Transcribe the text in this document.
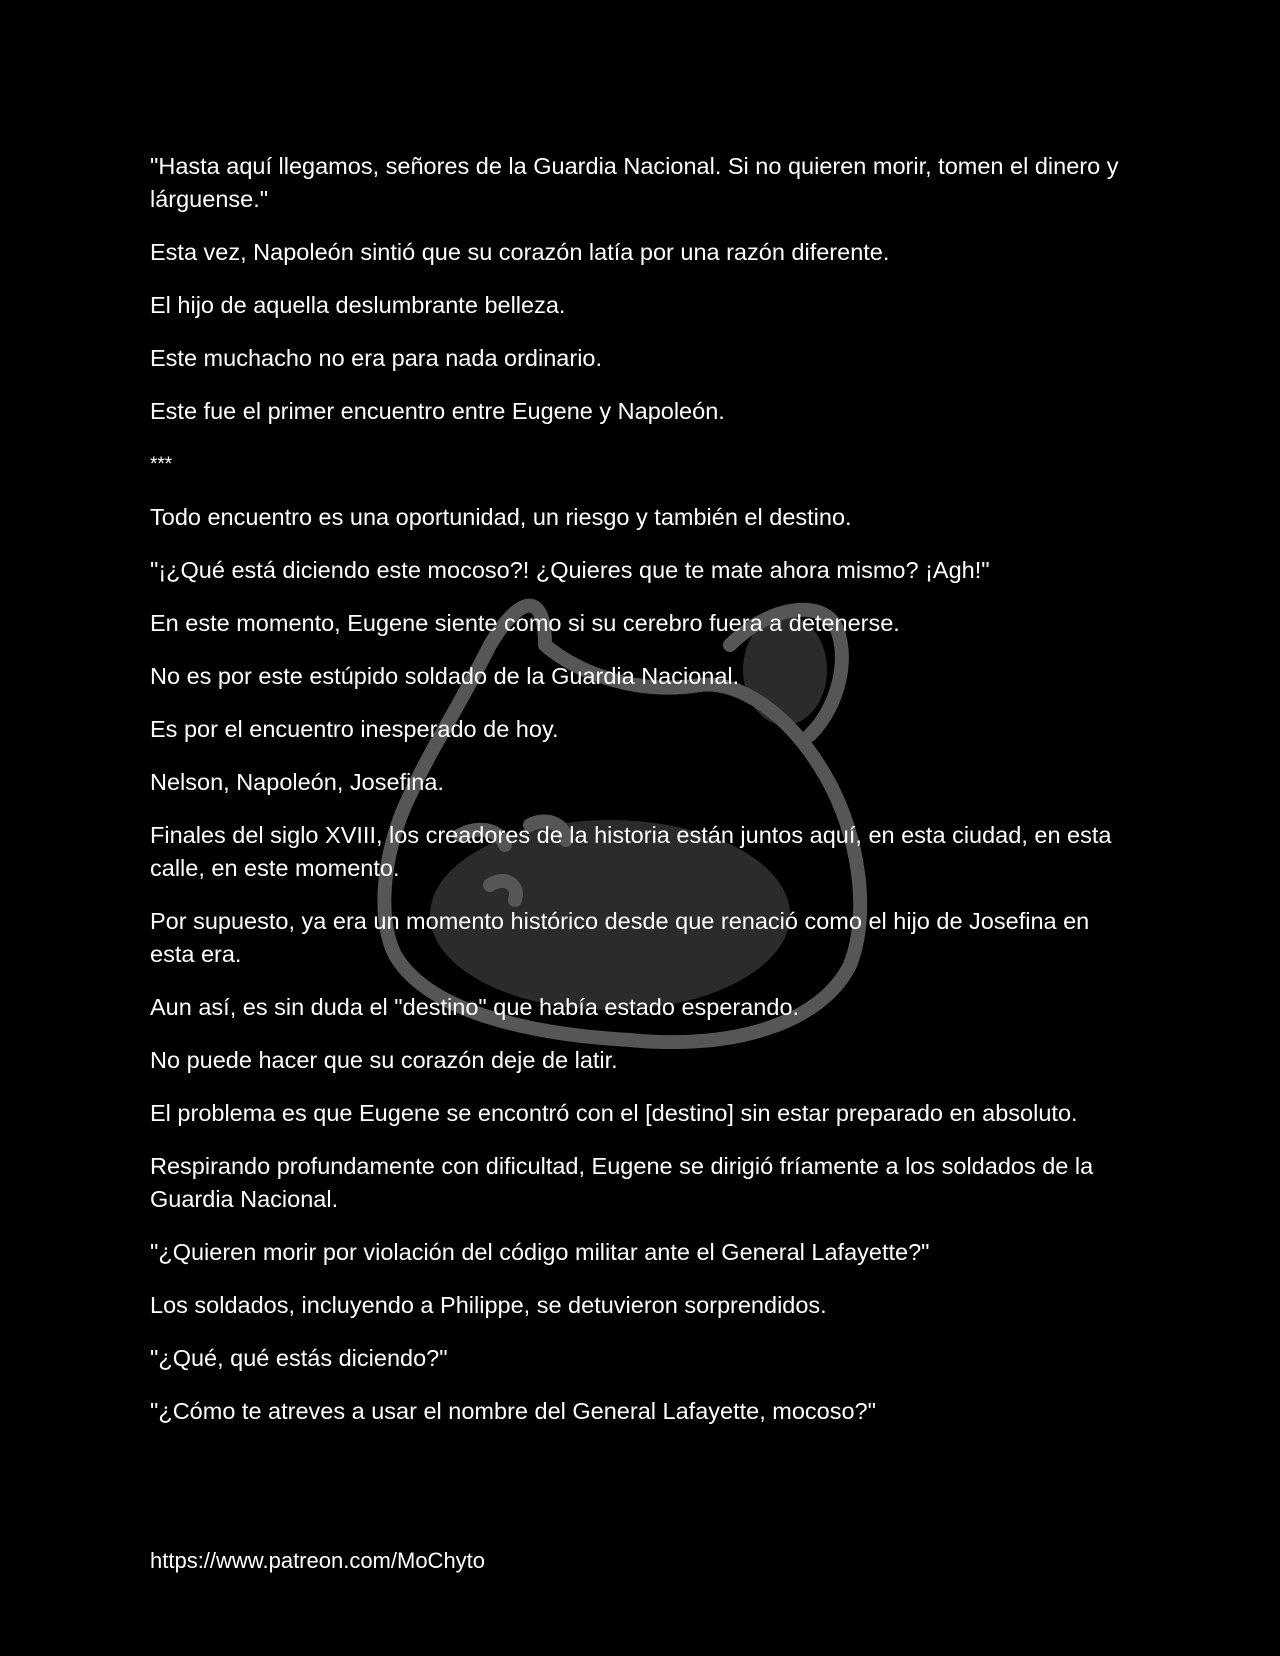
"Hasta aquí llegamos, señores de la Guardia Nacional. Si no quieren morir, tomen el dinero y lárguense."

Esta vez, Napoleón sintió que su corazón latía por una razón diferente.

El hijo de aquella deslumbrante belleza.

Este muchacho no era para nada ordinario.

Este fue el primer encuentro entre Eugene y Napoleón.

***

Todo encuentro es una oportunidad, un riesgo y también el destino.

"¡¿Qué está diciendo este mocoso?! ¿Quieres que te mate ahora mismo? ¡Agh!"

En este momento, Eugene siente como si su cerebro fuera a detenerse.

No es por este estúpido soldado de la Guardia Nacional.

Es por el encuentro inesperado de hoy.

Nelson, Napoleón, Josefina.

Finales del siglo XVIII, los creadores de la historia están juntos aquí, en esta ciudad, en esta calle, en este momento.

Por supuesto, ya era un momento histórico desde que renació como el hijo de Josefina en esta era.

Aun así, es sin duda el "destino" que había estado esperando.

No puede hacer que su corazón deje de latir.

El problema es que Eugene se encontró con el [destino] sin estar preparado en absoluto.

Respirando profundamente con dificultad, Eugene se dirigió fríamente a los soldados de la Guardia Nacional.

"¿Quieren morir por violación del código militar ante el General Lafayette?"

Los soldados, incluyendo a Philippe, se detuvieron sorprendidos.

"¿Qué, qué estás diciendo?"

"¿Cómo te atreves a usar el nombre del General Lafayette, mocoso?"

https://www.patreon.com/MoChyto
